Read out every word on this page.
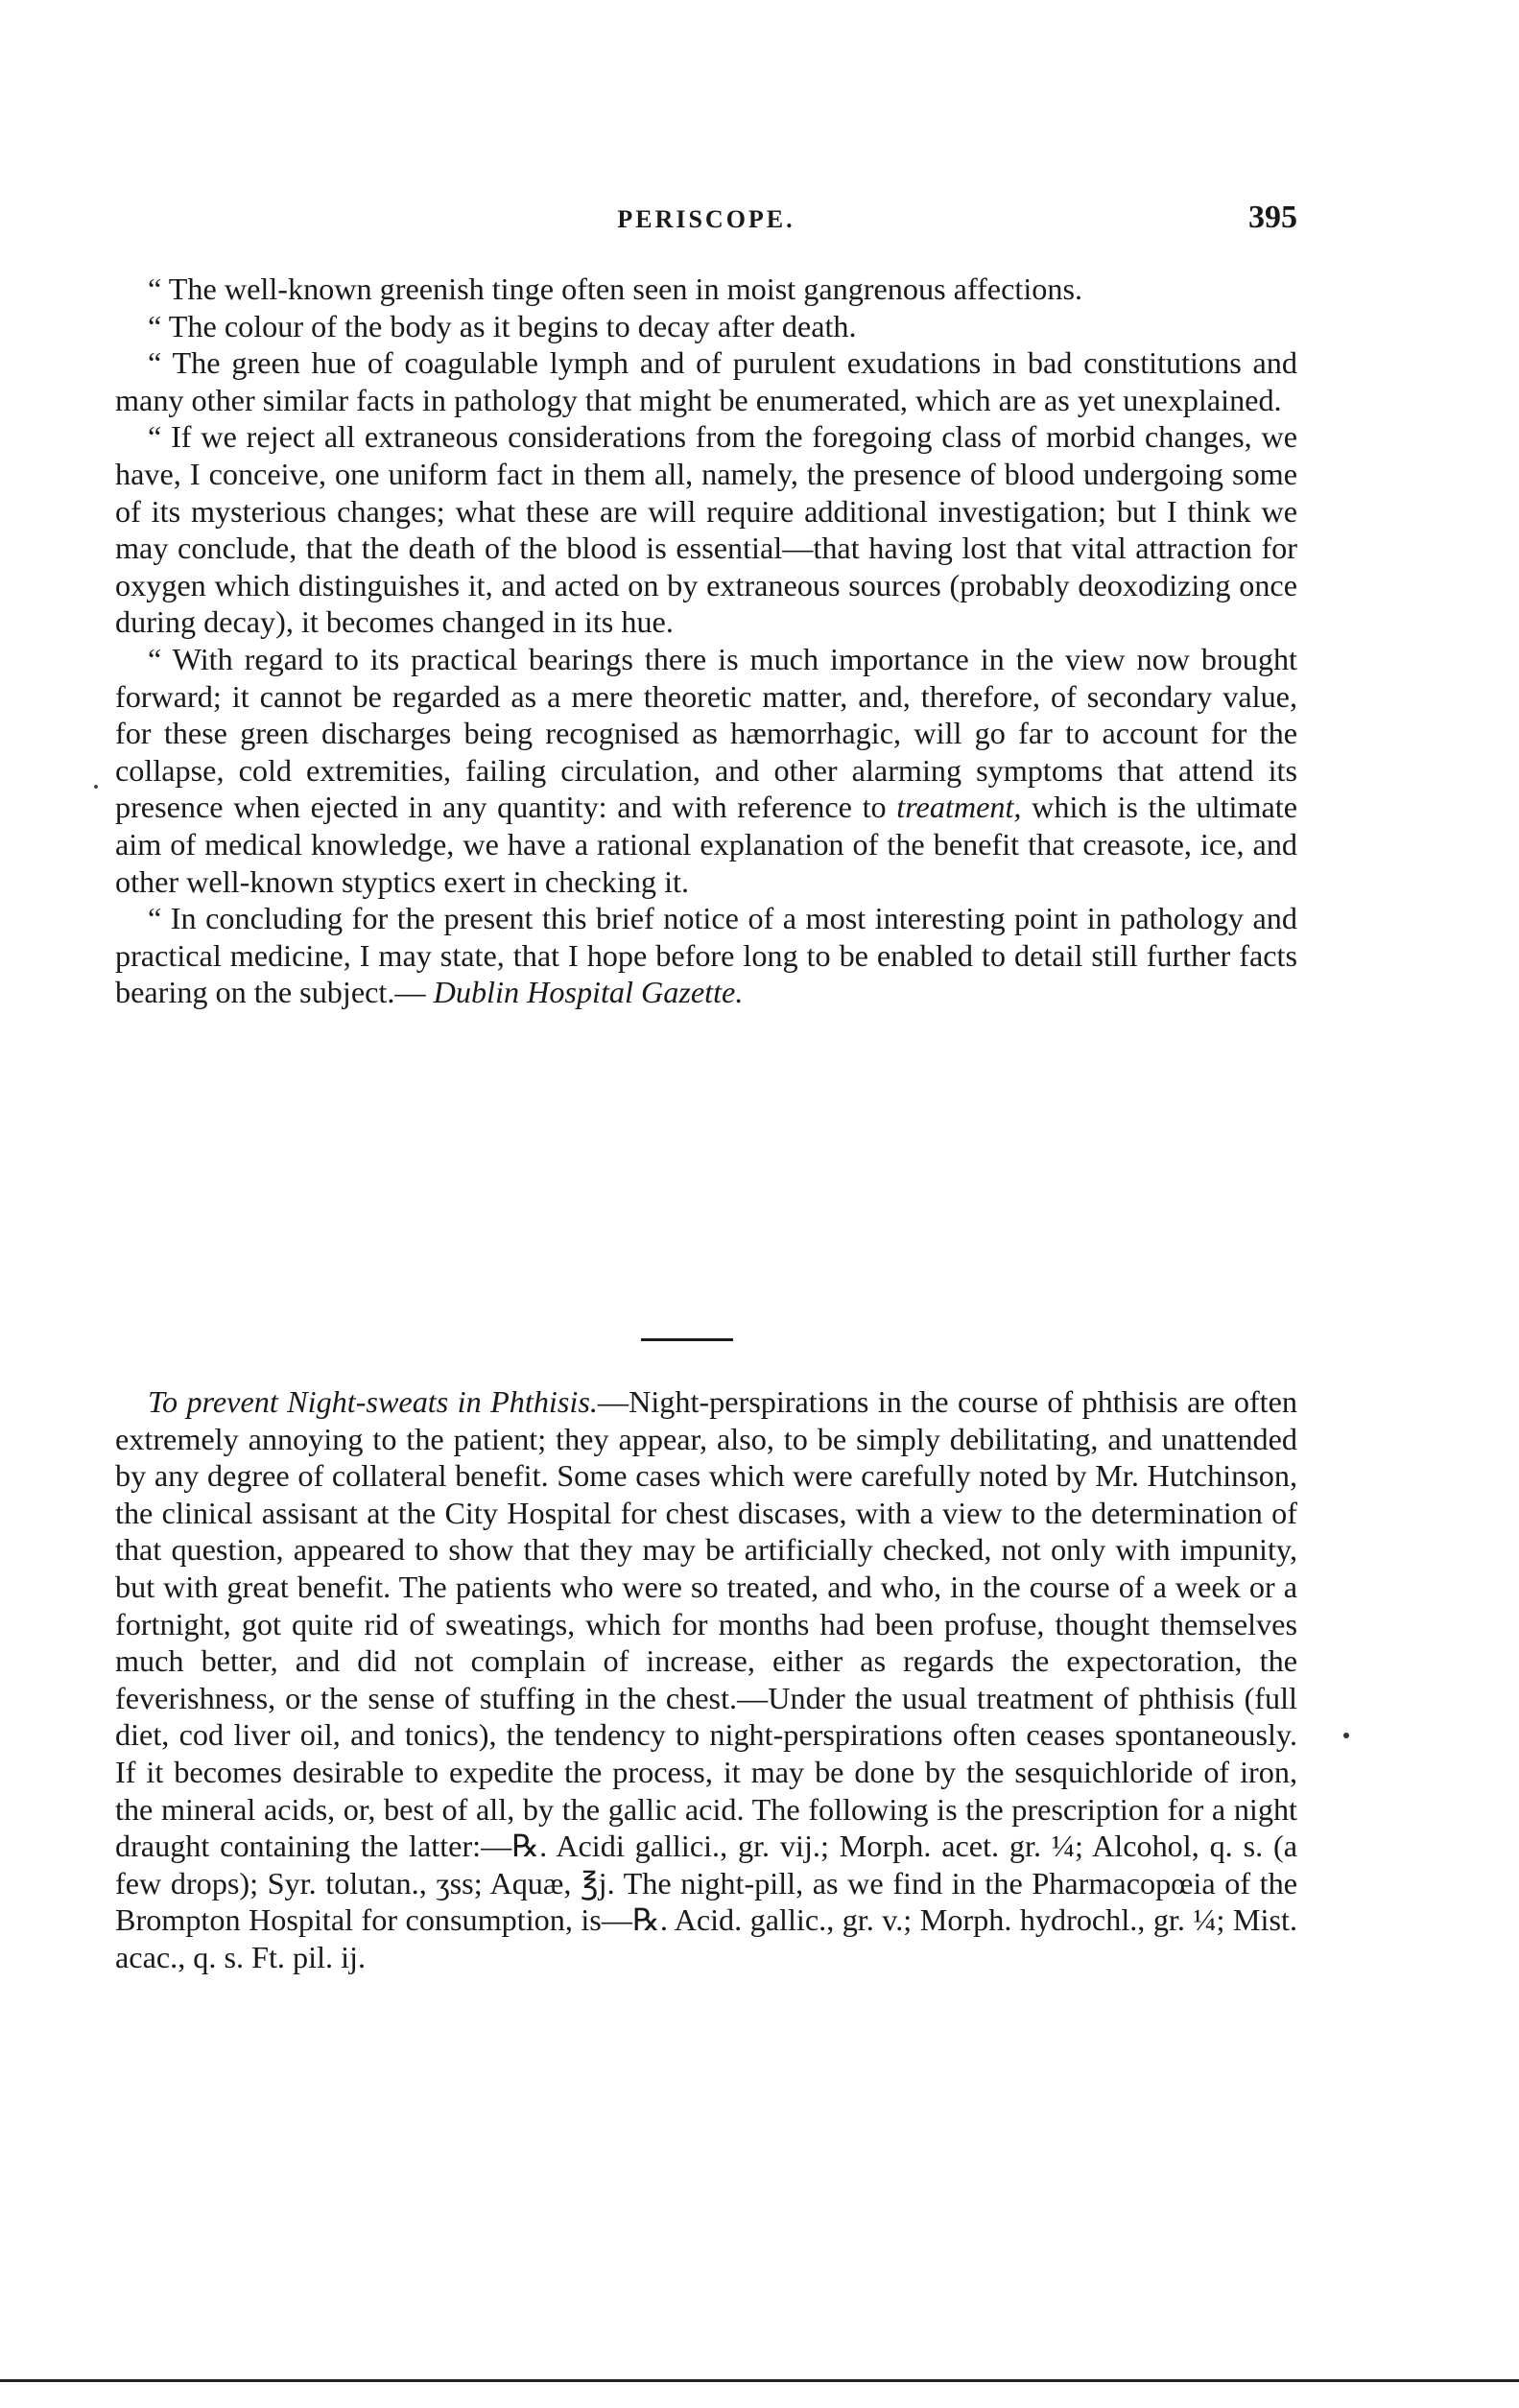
PERISCOPE.	395

“ The well-known greenish tinge often seen in moist gangrenous affections.

“ The colour of the body as it begins to decay after death.

“ The green hue of coagulable lymph and of purulent exudations in bad constitutions and many other similar facts in pathology that might be enumerated, which are as yet unexplained.

“ If we reject all extraneous considerations from the foregoing class of morbid changes, we have, I conceive, one uniform fact in them all, namely, the presence of blood undergoing some of its mysterious changes; what these are will require additional investigation; but I think we may conclude, that the death of the blood is essential—that having lost that vital attraction for oxygen which distinguishes it, and acted on by extraneous sources (probably deoxodizing once during decay), it becomes changed in its hue.

“ With regard to its practical bearings there is much importance in the view now brought forward; it cannot be regarded as a mere theoretic matter, and, therefore, of secondary value, for these green discharges being recognised as hæmorrhagic, will go far to account for the collapse, cold extremities, failing circulation, and other alarming symptoms that attend its presence when ejected in any quantity: and with reference to treatment, which is the ultimate aim of medical knowledge, we have a rational explanation of the benefit that creasote, ice, and other well-known styptics exert in checking it.

“ In concluding for the present this brief notice of a most interesting point in pathology and practical medicine, I may state, that I hope before long to be enabled to detail still further facts bearing on the subject.— Dublin Hospital Gazette.

To prevent Night-sweats in Phthisis.—Night-perspirations in the course of phthisis are often extremely annoying to the patient; they appear, also, to be simply debilitating, and unattended by any degree of collateral benefit. Some cases which were carefully noted by Mr. Hutchinson, the clinical assisant at the City Hospital for chest discases, with a view to the determination of that question, appeared to show that they may be artificially checked, not only with impunity, but with great benefit. The patients who were so treated, and who, in the course of a week or a fortnight, got quite rid of sweatings, which for months had been profuse, thought themselves much better, and did not complain of increase, either as regards the expectoration, the feverishness, or the sense of stuffing in the chest.—Under the usual treatment of phthisis (full diet, cod liver oil, and tonics), the tendency to night-perspirations often ceases spontaneously. If it becomes desirable to expedite the process, it may be done by the sesquichloride of iron, the mineral acids, or, best of all, by the gallic acid. The following is the prescription for a night draught containing the latter:—℞. Acidi gallici., gr. vij.; Morph. acet. gr. ¼; Alcohol, q. s. (a few drops); Syr. tolutan., ʒss; Aquæ, ℥j. The night-pill, as we find in the Pharmacopœia of the Brompton Hospital for consumption, is—℞. Acid. gallic., gr. v.; Morph. hydrochl., gr. ¼; Mist. acac., q. s. Ft. pil. ij.
